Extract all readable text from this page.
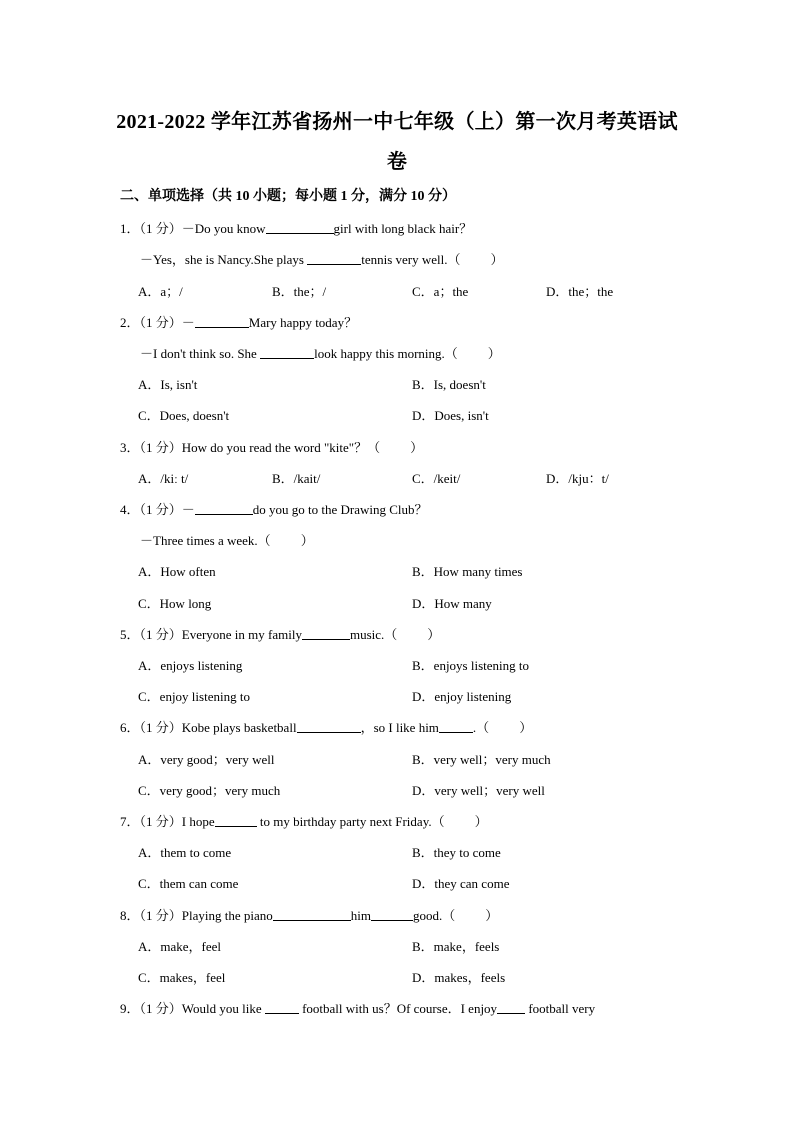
2021-2022 学年江苏省扬州一中七年级（上）第一次月考英语试
卷
二、单项选择（共 10 小题；每小题 1 分，满分 10 分）
1．（1 分）－Do you know	girl with long black hair？
－Yes，she is Nancy.She plays	tennis very well.（ ）
A．a；/	B．the；/	C．a；the	D．the；the
2．（1 分）－	Mary happy today？
－I don't think so. She	look happy this morning.（ ）
A．Is, isn't	B．Is, doesn't
C．Does, doesn't	D．Does, isn't
3．（1 分）How do you read the word "kite"？（ ）
A．/kiː t/	B．/kait/	C．/keit/	D．/kju：t/
4．（1 分）－	do you go to the Drawing Club？
－Three times a week.（ ）
A．How often	B．How many times
C．How long	D．How many
5．（1 分）Everyone in my family	music.（ ）
A．enjoys listening	B．enjoys listening to
C．enjoy listening to	D．enjoy listening
6．（1 分）Kobe plays basketball	，so I like him	.（ ）
A．very good；very well	B．very well；very much
C．very good；very much	D．very well；very well
7．（1 分）I hope	to my birthday party next Friday.（ ）
A．them to come	B．they to come
C．them can come	D．they can come
8．（1 分）Playing the piano	him	good.（ ）
A．make，feel	B．make，feels
C．makes，feel	D．makes，feels
9．（1 分）Would you like	football with us？Of course．I enjoy football very
